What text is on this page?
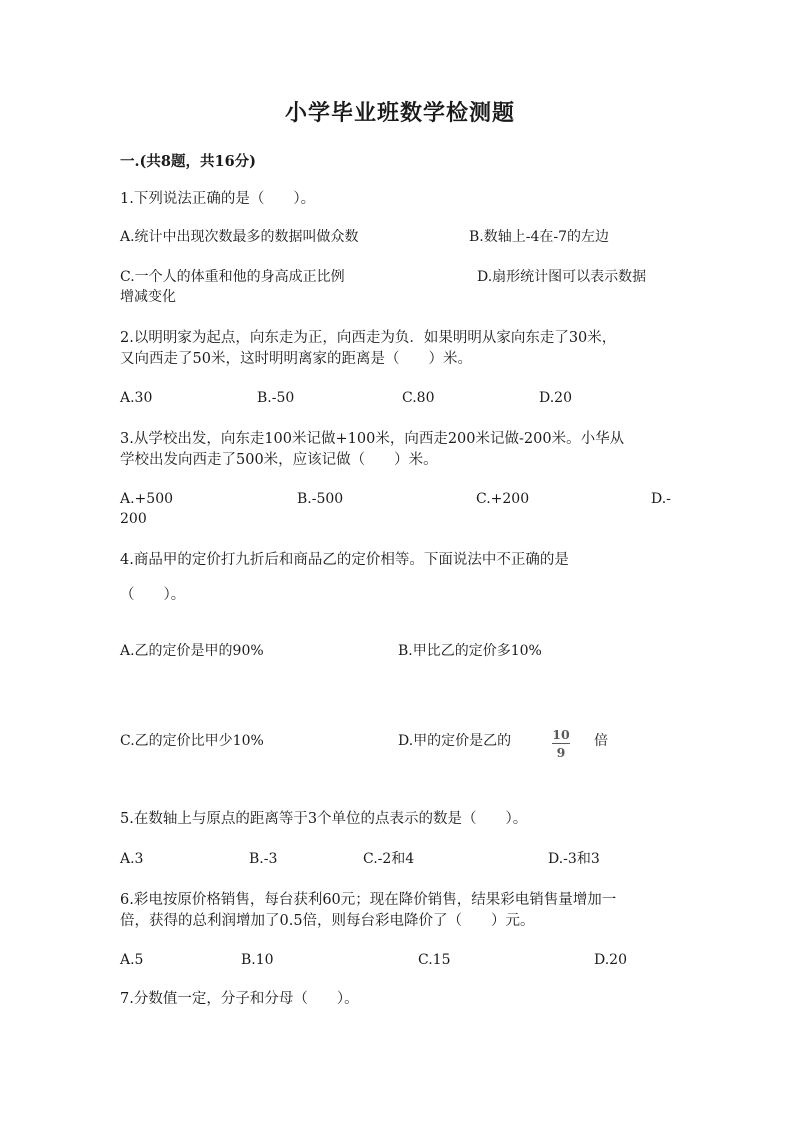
小学毕业班数学检测题
一.(共8题，共16分)
1.下列说法正确的是（　　）。
A.统计中出现次数最多的数据叫做众数	B.数轴上-4在-7的左边
C.一个人的体重和他的身高成正比例	D.扇形统计图可以表示数据
增减变化
2.以明明家为起点，向东走为正，向西走为负．如果明明从家向东走了30米，
又向西走了50米，这时明明离家的距离是（　　）米。
A.30	B.-50	C.80	D.20
3.从学校出发，向东走100米记做+100米，向西走200米记做-200米。小华从
学校出发向西走了500米，应该记做（　　）米。
A.+500	B.-500	C.+200	D.-
200
4.商品甲的定价打九折后和商品乙的定价相等。下面说法中不正确的是
（　　）。
A.乙的定价是甲的90%	B.甲比乙的定价多10%
C.乙的定价比甲少10%	D.甲的定价是乙的	10
9
倍
5.在数轴上与原点的距离等于3个单位的点表示的数是（　　）。
A.3	B.-3	C.-2和4	D.-3和3
6.彩电按原价格销售，每台获利60元；现在降价销售，结果彩电销售量增加一
倍，获得的总利润增加了0.5倍，则每台彩电降价了（　　）元。
A.5	B.10	C.15	D.20
7.分数值一定，分子和分母（　　）。
